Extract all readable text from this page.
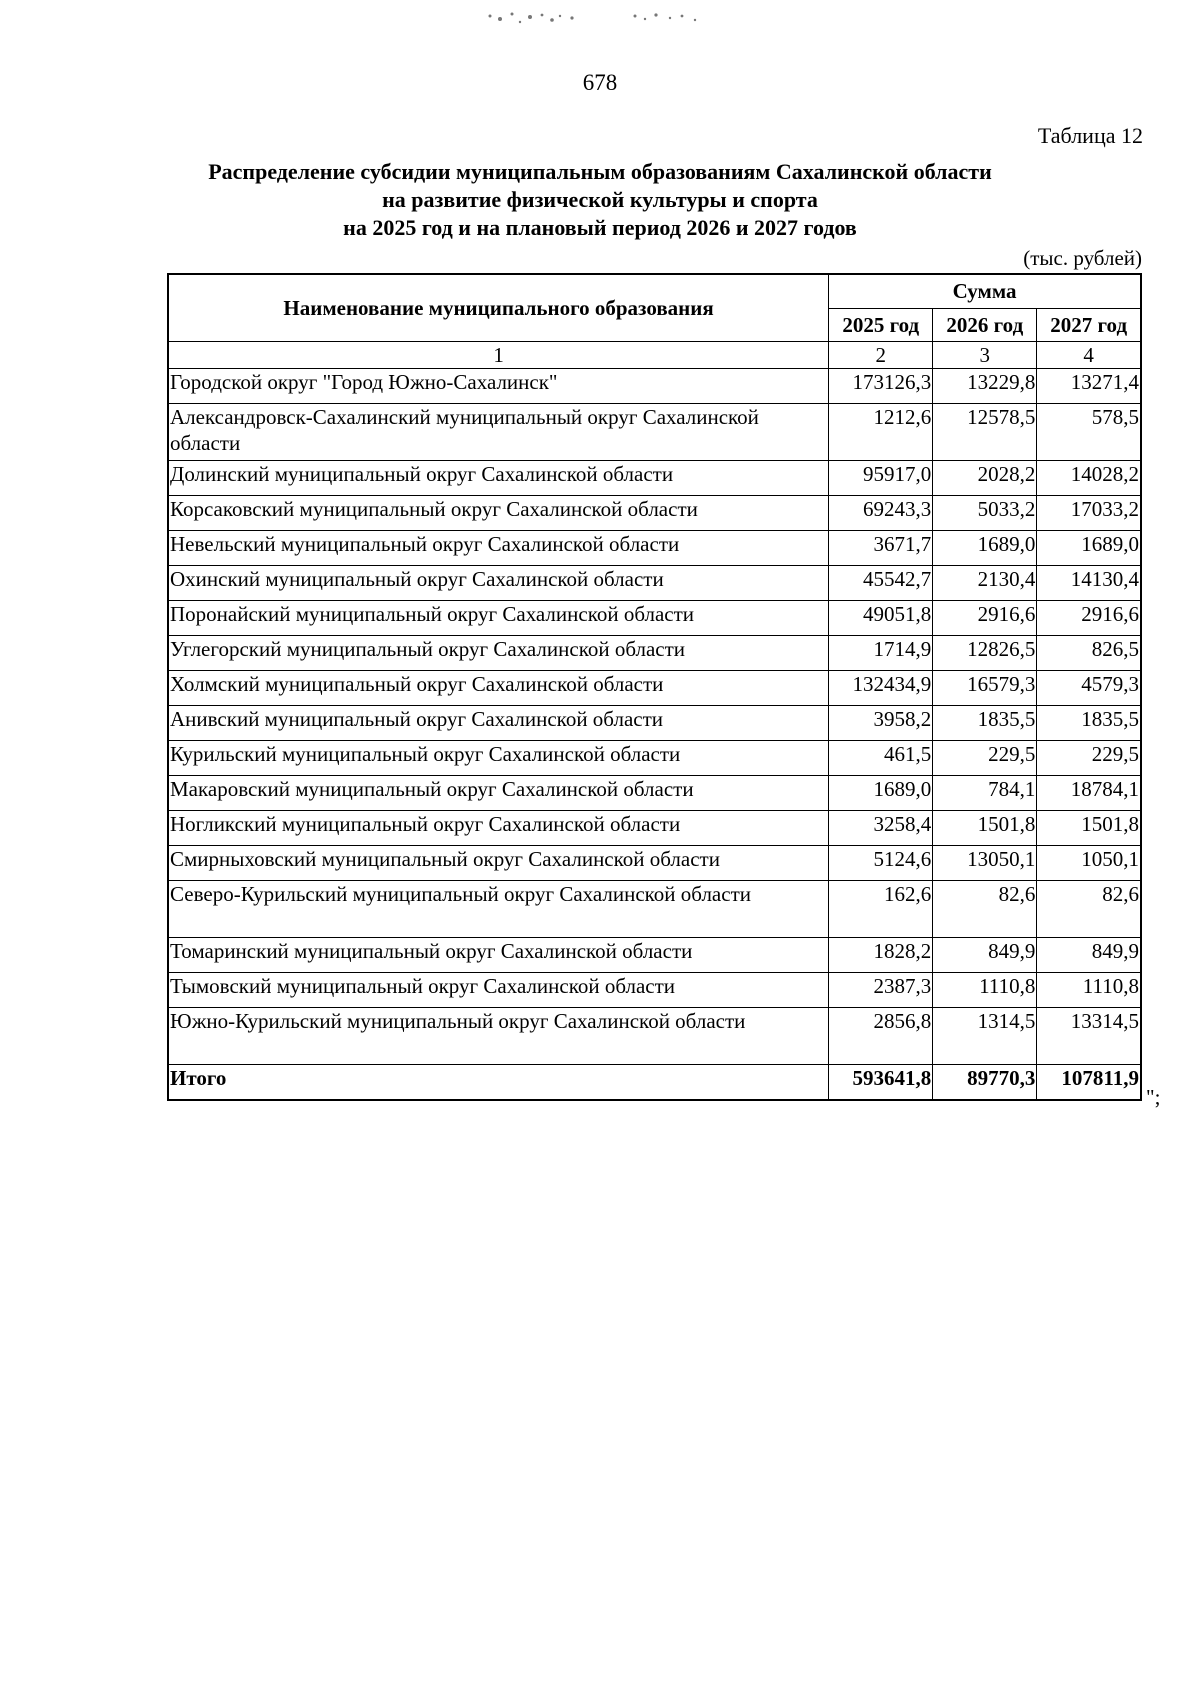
678
Таблица 12
Распределение субсидии муниципальным образованиям Сахалинской области
на развитие физической культуры и спорта
на 2025 год и на плановый период 2026 и 2027 годов
(тыс. рублей)
Наименование муниципального образования	Сумма		
	2025 год	2026 год	2027 год
1	2	3	4
Городской округ "Город Южно-Сахалинск"	173126,3	13229,8	13271,4
Александровск-Сахалинский муниципальный округ Сахалинской области	1212,6	12578,5	578,5
Долинский муниципальный округ Сахалинской области	95917,0	2028,2	14028,2
Корсаковский муниципальный округ Сахалинской области	69243,3	5033,2	17033,2
Невельский муниципальный округ Сахалинской области	3671,7	1689,0	1689,0
Охинский муниципальный округ Сахалинской области	45542,7	2130,4	14130,4
Поронайский муниципальный округ Сахалинской области	49051,8	2916,6	2916,6
Углегорский муниципальный округ Сахалинской области	1714,9	12826,5	826,5
Холмский муниципальный округ Сахалинской области	132434,9	16579,3	4579,3
Анивский муниципальный округ Сахалинской области	3958,2	1835,5	1835,5
Курильский муниципальный округ Сахалинской области	461,5	229,5	229,5
Макаровский муниципальный округ Сахалинской области	1689,0	784,1	18784,1
Ногликский муниципальный округ Сахалинской области	3258,4	1501,8	1501,8
Смирныховский муниципальный округ Сахалинской области	5124,6	13050,1	1050,1
Северо-Курильский муниципальный округ Сахалинской области	162,6	82,6	82,6
Томаринский муниципальный округ Сахалинской области	1828,2	849,9	849,9
Тымовский муниципальный округ Сахалинской области	2387,3	1110,8	1110,8
Южно-Курильский муниципальный округ Сахалинской области	2856,8	1314,5	13314,5
Итого	593641,8	89770,3	107811,9
";
